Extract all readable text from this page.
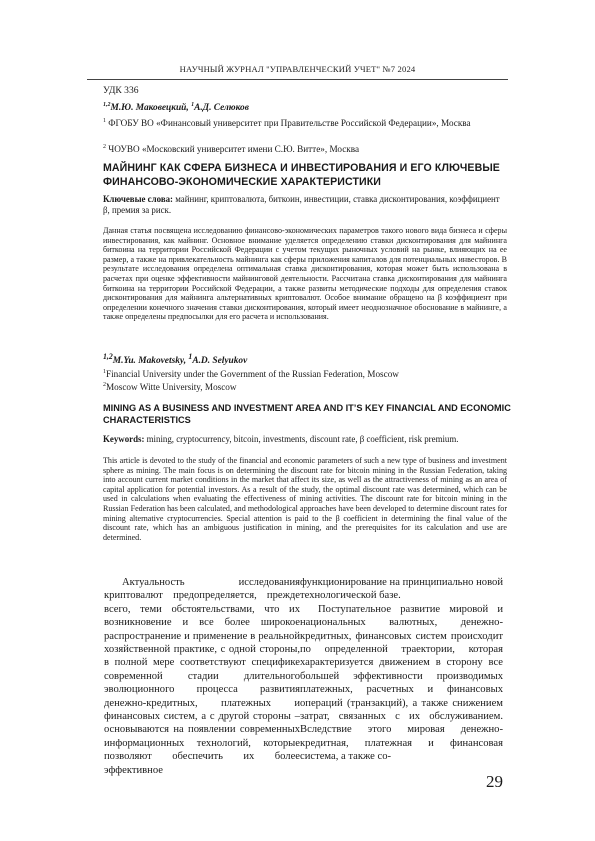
НАУЧНЫЙ ЖУРНАЛ "УПРАВЛЕНЧЕСКИЙ УЧЕТ" №7 2024
УДК 336
$^{1,2}$М.Ю. Маковецкий, $^1$А.Д. Селюков
$^1$ ФГОБУ ВО «Финансовый университет при Правительстве Российской Федерации», Москва
$^2$ ЧОУВО «Московский университет имени С.Ю. Витте», Москва
МАЙНИНГ КАК СФЕРА БИЗНЕСА И ИНВЕСТИРОВАНИЯ И ЕГО КЛЮЧЕВЫЕ ФИНАНСОВО-ЭКОНОМИЧЕСКИЕ ХАРАКТЕРИСТИКИ
Ключевые слова: майнинг, криптовалюта, биткоин, инвестиции, ставка дисконтирования, коэффициент β, премия за риск.
Данная статья посвящена исследованию финансово-экономических параметров такого нового вида бизнеса и сферы инвестирования, как майнинг. Основное внимание уделяется определению ставки дисконтирования для майнинга биткоина на территории Российской Федерации с учетом текущих рыночных условий на рынке, влияющих на ее размер, а также на привлекательность майнинга как сферы приложения капиталов для потенциальных инвесторов. В результате исследования определена оптимальная ставка дисконтирования, которая может быть использована в расчетах при оценке эффективности майнинговой деятельности. Рассчитана ставка дисконтирования для майнинга биткоина на территории Российской Федерации, а также развиты методические подходы для определения ставок дисконтирования для майнинга альтернативных криптовалют. Особое внимание обращено на β коэффициент при определении конечного значения ставки дисконтирования, который имеет неоднозначное обоснование в майнинге, а также определены предпосылки для его расчета и использования.
$^{1,2}$M.Yu. Makovetsky, $^1$A.D. Selyukov
$^1$Financial University under the Government of the Russian Federation, Moscow
$^2$Moscow Witte University, Moscow
MINING AS A BUSINESS AND INVESTMENT AREA AND IT’S KEY FINANCIAL AND ECONOMIC CHARACTERISTICS
Keywords: mining, cryptocurrency, bitcoin, investments, discount rate, β coefficient, risk premium.
This article is devoted to the study of the financial and economic parameters of such a new type of business and investment sphere as mining. The main focus is on determining the discount rate for bitcoin mining in the Russian Federation, taking into account current market conditions in the market that affect its size, as well as the attractiveness of mining as an area of capital application for potential investors. As a result of the study, the optimal discount rate was determined, which can be used in calculations when evaluating the effectiveness of mining activities. The discount rate for bitcoin mining in the Russian Federation has been calculated, and methodological approaches have been developed to determine discount rates for mining alternative cryptocurrencies. Special attention is paid to the β coefficient in determining the final value of the discount rate, which has an ambiguous justification in mining, and the prerequisites for its calculation and use are determined.

Актуальность исследования криптовалют предопределяется, прежде всего, теми обстоятельствами, что их возникновение и все более широкое распространение и применение в реальной хозяйственной практике, с одной стороны, в полной мере соответствуют специфике современной стадии длительного эволюционного процесса развития денежно-кредитных, платежных и финансовых систем, а с другой стороны – основываются на появлении современных информационных технологий, которые позволяют обеспечить их более эффективное

функционирование на принципиально новой технологической базе.

Поступательное развитие мировой и национальных валютных, денежно-кредитных, финансовых систем происходит по определенной траектории, которая характеризуется движением в сторону все большей эффективности производимых платежных, расчетных и финансовых операций (транзакций), а также снижением затрат, связанных с их обслуживанием. Вследствие этого мировая денежно-кредитная, платежная и финансовая система, а также со-

29
